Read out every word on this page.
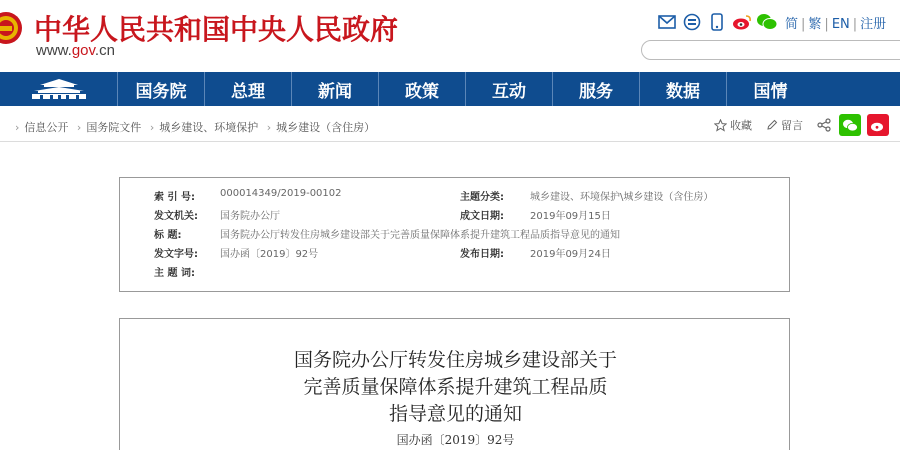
中华人民共和国中央人民政府
www.gov.cn
简 | 繁 | EN | 注册
国务院	总理	新闻	政策	互动	服务	数据	国情
› 信息公开 › 国务院文件 › 城乡建设、环境保护 › 城乡建设（含住房）	收藏	留言
索 引 号:	000014349/2019-00102	主题分类:	城乡建设、环境保护\城乡建设（含住房）
发文机关: 国务院办公厅	成文日期:	2019年09月15日
标 题:	国务院办公厅转发住房城乡建设部关于完善质量保障体系提升建筑工程品质指导意见的通知
发文字号: 国办函〔2019〕92号	发布日期:	2019年09月24日
主 题 词:
国务院办公厅转发住房城乡建设部关于
完善质量保障体系提升建筑工程品质
指导意见的通知
国办函〔2019〕92号
